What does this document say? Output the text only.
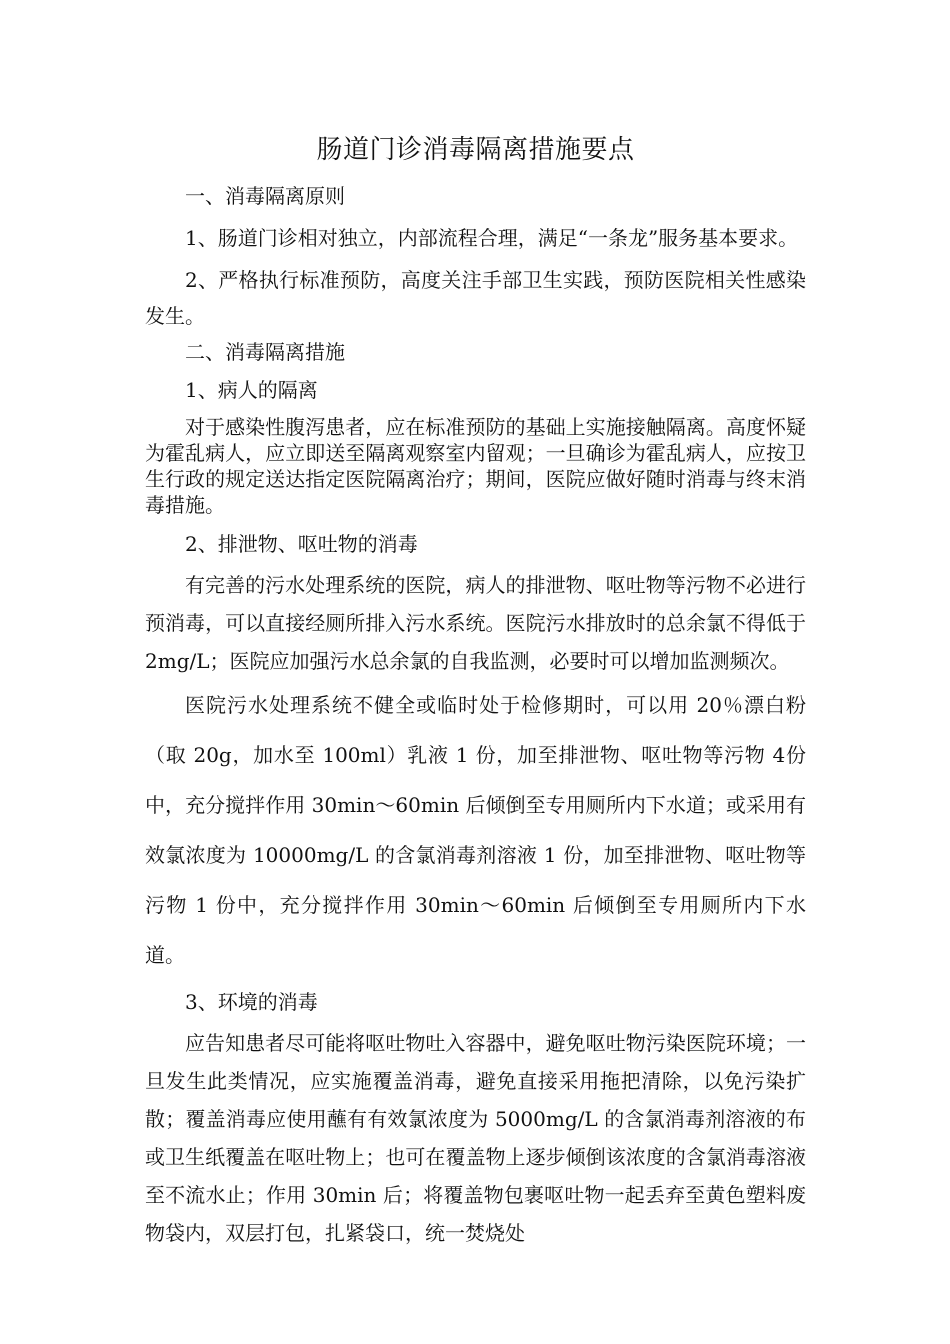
肠道门诊消毒隔离措施要点

一、消毒隔离原则

1、肠道门诊相对独立，内部流程合理，满足“一条龙”服务基本要求。

2、严格执行标准预防，高度关注手部卫生实践，预防医院相关性感染发生。

二、消毒隔离措施

1、病人的隔离

对于感染性腹泻患者，应在标准预防的基础上实施接触隔离。高度怀疑为霍乱病人，应立即送至隔离观察室内留观；一旦确诊为霍乱病人，应按卫生行政的规定送达指定医院隔离治疗；期间，医院应做好随时消毒与终末消毒措施。

2、排泄物、呕吐物的消毒

有完善的污水处理系统的医院，病人的排泄物、呕吐物等污物不必进行预消毒，可以直接经厕所排入污水系统。医院污水排放时的总余氯不得低于 2mg/L；医院应加强污水总余氯的自我监测，必要时可以增加监测频次。

医院污水处理系统不健全或临时处于检修期时，可以用 20％漂白粉（取 20g，加水至 100ml）乳液 1 份，加至排泄物、呕吐物等污物 4份中，充分搅拌作用 30min～60min 后倾倒至专用厕所内下水道；或采用有效氯浓度为 10000mg/L 的含氯消毒剂溶液 1 份，加至排泄物、呕吐物等污物 1 份中，充分搅拌作用 30min～60min 后倾倒至专用厕所内下水道。

3、环境的消毒

应告知患者尽可能将呕吐物吐入容器中，避免呕吐物污染医院环境；一旦发生此类情况，应实施覆盖消毒，避免直接采用拖把清除，以免污染扩散；覆盖消毒应使用蘸有有效氯浓度为 5000mg/L 的含氯消毒剂溶液的布或卫生纸覆盖在呕吐物上；也可在覆盖物上逐步倾倒该浓度的含氯消毒溶液至不流水止；作用 30min 后；将覆盖物包裹呕吐物一起丢弃至黄色塑料废物袋内，双层打包，扎紧袋口，统一焚烧处
